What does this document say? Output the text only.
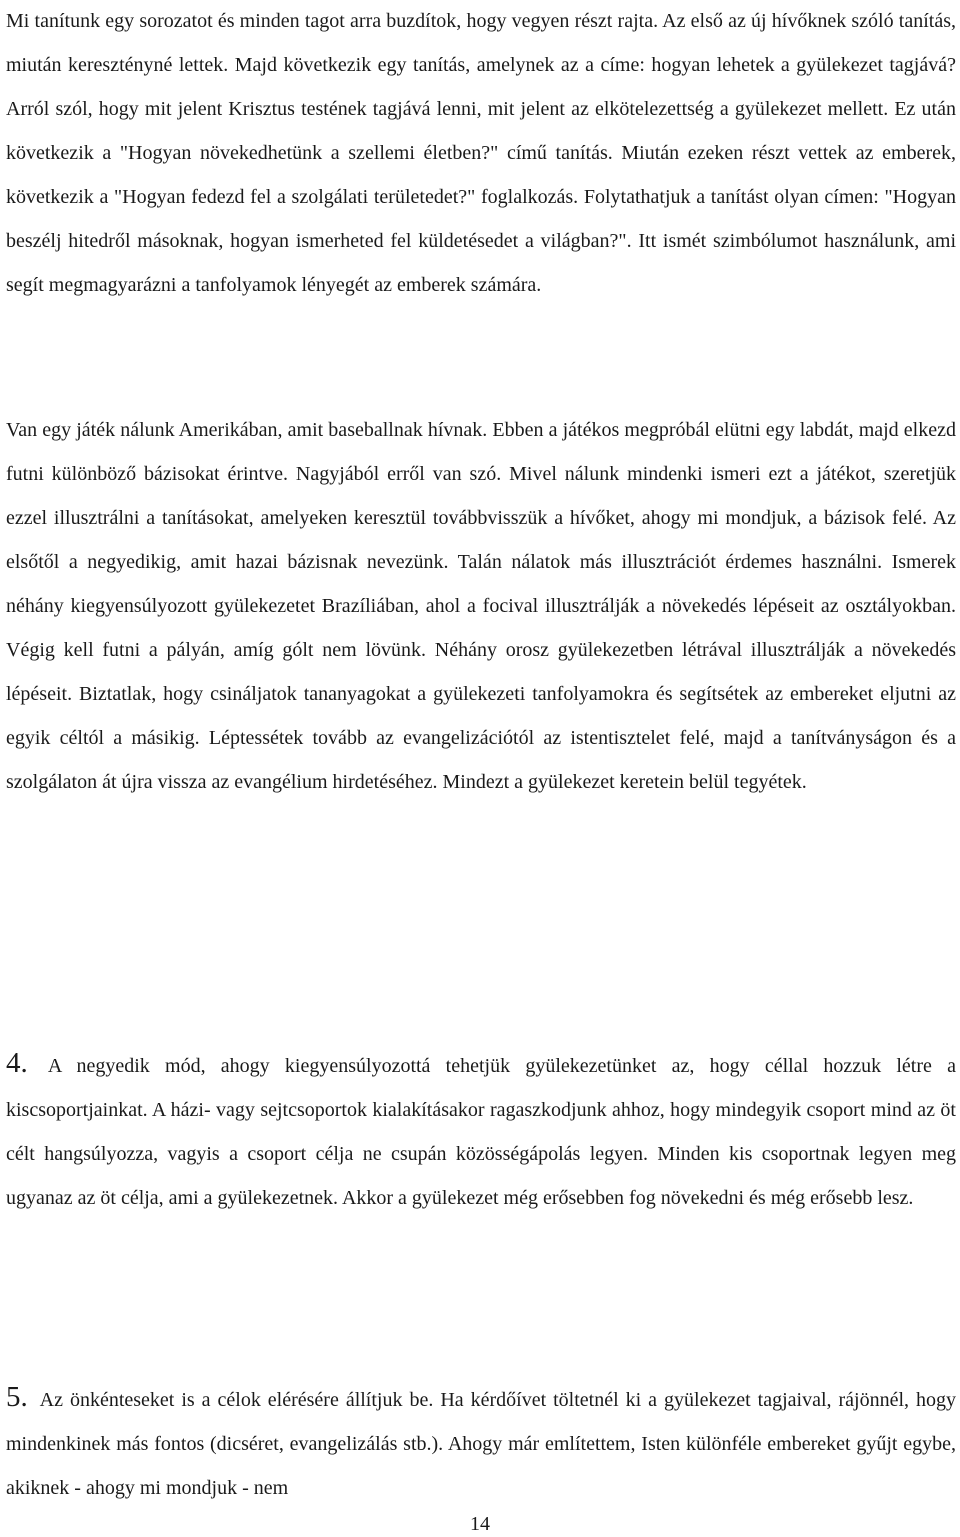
Mi tanítunk egy sorozatot és minden tagot arra buzdítok, hogy vegyen részt rajta. Az első az új hívőknek szóló tanítás, miután keresztényné lettek. Majd következik egy tanítás, amelynek az a címe: hogyan lehetek a gyülekezet tagjává? Arról szól, hogy mit jelent Krisztus testének tagjává lenni, mit jelent az elkötelezettség a gyülekezet mellett. Ez után következik a "Hogyan növekedhetünk a szellemi életben?" című tanítás. Miután ezeken részt vettek az emberek, következik a "Hogyan fedezd fel a szolgálati területedet?" foglalkozás. Folytathatjuk a tanítást olyan címen: "Hogyan beszélj hitedről másoknak, hogyan ismerheted fel küldetésedet a világban?". Itt ismét szimbólumot használunk, ami segít megmagyarázni a tanfolyamok lényegét az emberek számára.

Van egy játék nálunk Amerikában, amit baseballnak hívnak. Ebben a játékos megpróbál elütni egy labdát, majd elkezd futni különböző bázisokat érintve. Nagyjából erről van szó. Mivel nálunk mindenki ismeri ezt a játékot, szeretjük ezzel illusztrálni a tanításokat, amelyeken keresztül továbbvisszük a hívőket, ahogy mi mondjuk, a bázisok felé. Az elsőtől a negyedikig, amit hazai bázisnak nevezünk. Talán nálatok más illusztrációt érdemes használni. Ismerek néhány kiegyensúlyozott gyülekezetet Brazíliában, ahol a focival illusztrálják a növekedés lépéseit az osztályokban. Végig kell futni a pályán, amíg gólt nem lövünk. Néhány orosz gyülekezetben létrával illusztrálják a növekedés lépéseit. Biztatlak, hogy csináljatok tananyagokat a gyülekezeti tanfolyamokra és segítsétek az embereket eljutni az egyik céltól a másikig. Léptessétek tovább az evangelizációtól az istentisztelet felé, majd a tanítványságon és a szolgálaton át újra vissza az evangélium hirdetéséhez. Mindezt a gyülekezet keretein belül tegyétek.

4. A negyedik mód, ahogy kiegyensúlyozottá tehetjük gyülekezetünket az, hogy céllal hozzuk létre a kiscsoportjainkat. A házi- vagy sejtcsoportok kialakításakor ragaszkodjunk ahhoz, hogy mindegyik csoport mind az öt célt hangsúlyozza, vagyis a csoport célja ne csupán közösségápolás legyen. Minden kis csoportnak legyen meg ugyanaz az öt célja, ami a gyülekezetnek. Akkor a gyülekezet még erősebben fog növekedni és még erősebb lesz.

5. Az önkénteseket is a célok elérésére állítjuk be. Ha kérdőívet töltetnél ki a gyülekezet tagjaival, rájönnél, hogy mindenkinek más fontos (dicséret, evangelizálás stb.). Ahogy már említettem, Isten különféle embereket gyűjt egybe, akiknek - ahogy mi mondjuk - nem

14
